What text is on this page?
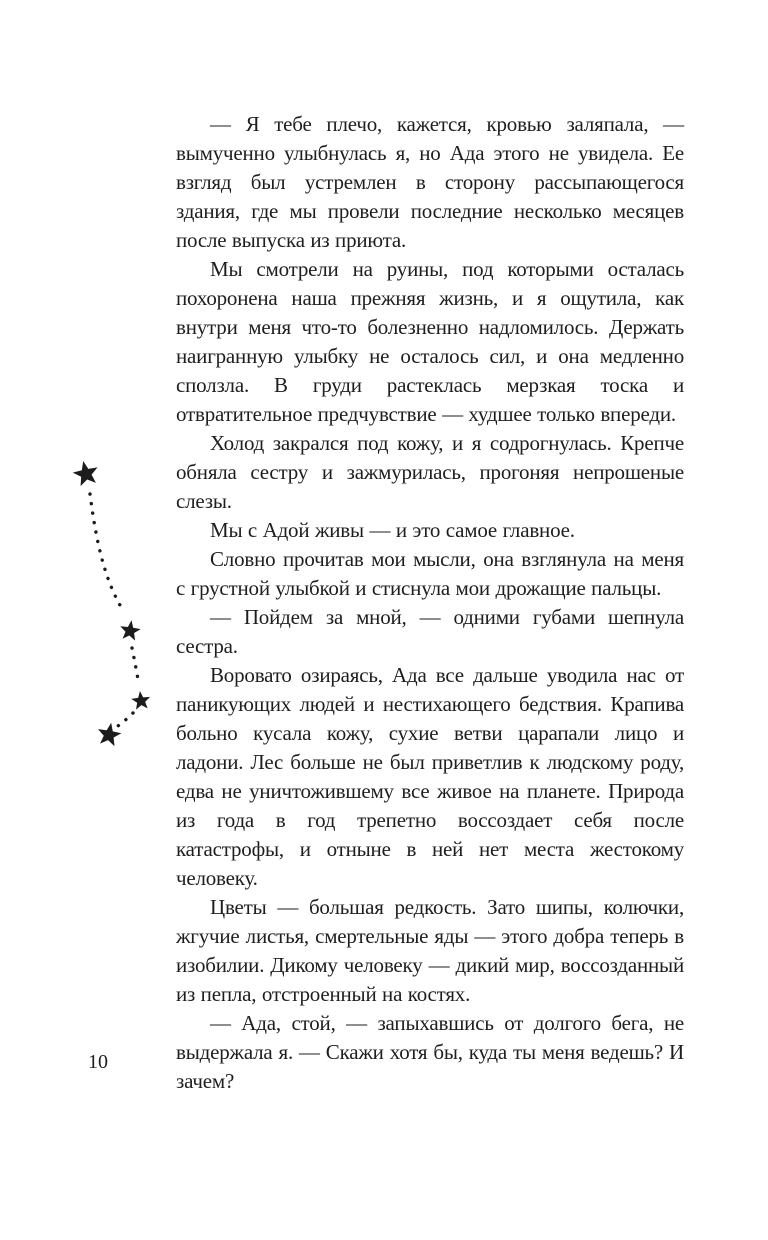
— Я тебе плечо, кажется, кровью заляпала, — вымученно улыбнулась я, но Ада этого не увидела. Ее взгляд был устремлен в сторону рассыпающегося здания, где мы провели последние несколько месяцев после выпуска из приюта.

Мы смотрели на руины, под которыми осталась похоронена наша прежняя жизнь, и я ощутила, как внутри меня что-то болезненно надломилось. Держать наигранную улыбку не осталось сил, и она медленно сползла. В груди растеклась мерзкая тоска и отвратительное предчувствие — худшее только впереди.

Холод закрался под кожу, и я содрогнулась. Крепче обняла сестру и зажмурилась, прогоняя непрошеные слезы.

Мы с Адой живы — и это самое главное.

Словно прочитав мои мысли, она взглянула на меня с грустной улыбкой и стиснула мои дрожащие пальцы.

— Пойдем за мной, — одними губами шепнула сестра.

Воровато озираясь, Ада все дальше уводила нас от паникующих людей и нестихающего бедствия. Крапива больно кусала кожу, сухие ветви царапали лицо и ладони. Лес больше не был приветлив к людскому роду, едва не уничтожившему все живое на планете. Природа из года в год трепетно воссоздает себя после катастрофы, и отныне в ней нет места жестокому человеку.

Цветы — большая редкость. Зато шипы, колючки, жгучие листья, смертельные яды — этого добра теперь в изобилии. Дикому человеку — дикий мир, воссозданный из пепла, отстроенный на костях.

— Ада, стой, — запыхавшись от долгого бега, не выдержала я. — Скажи хотя бы, куда ты меня ведешь? И зачем?

10
